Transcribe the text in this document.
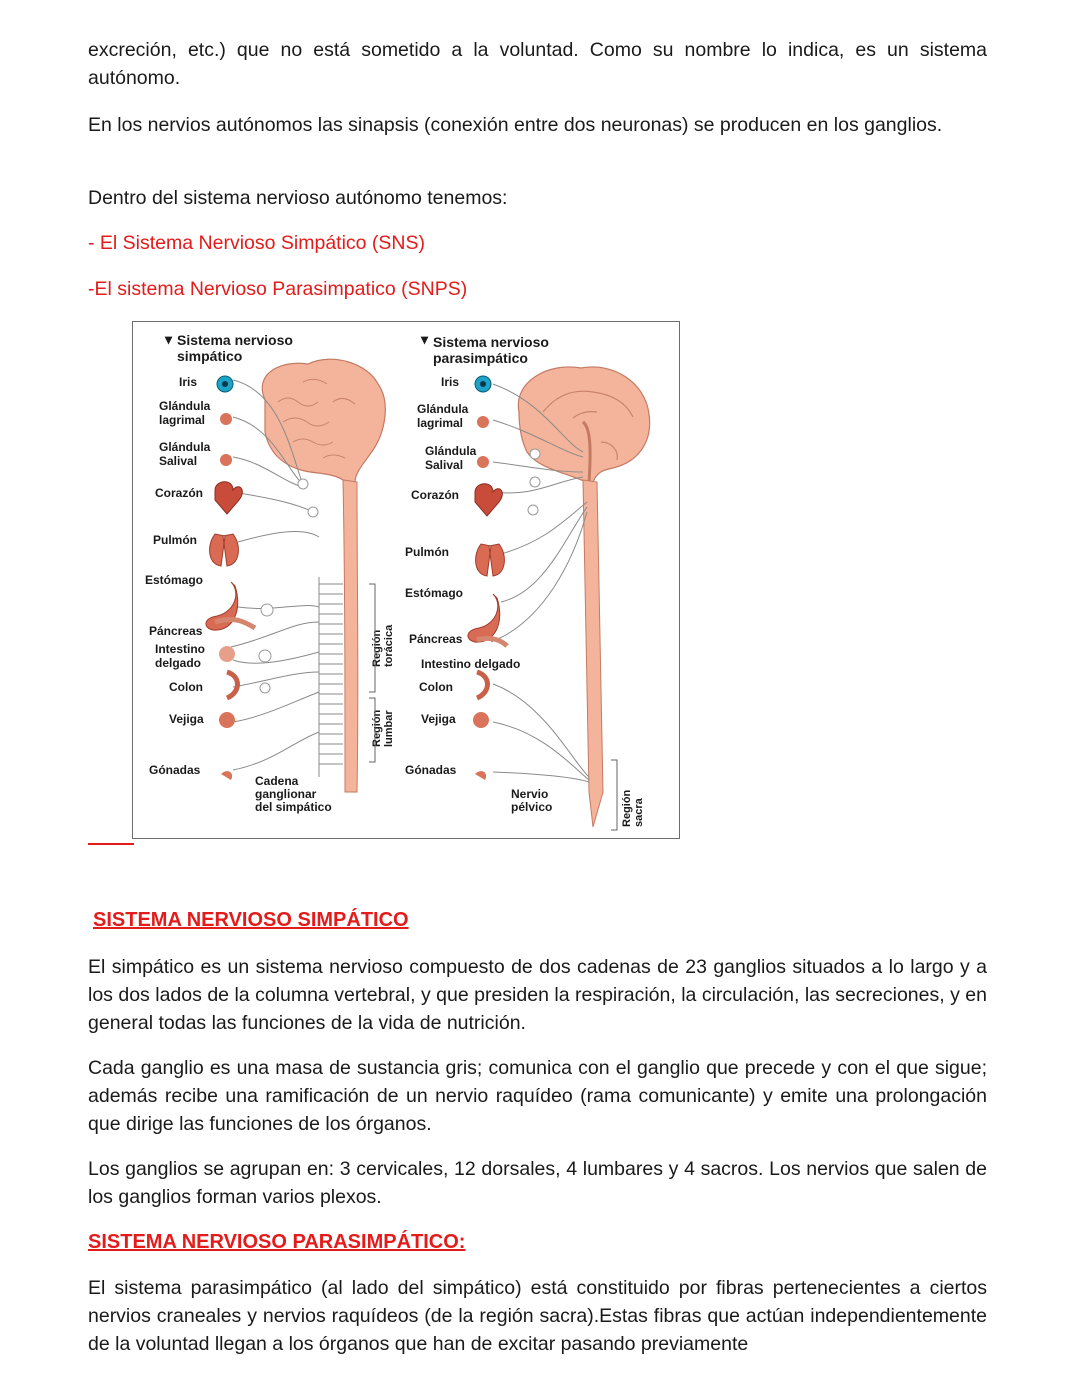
excreción, etc.) que no está sometido a la voluntad. Como su nombre lo indica, es un sistema autónomo.
En los nervios autónomos las sinapsis (conexión entre dos neuronas) se producen en los ganglios.
Dentro del sistema nervioso autónomo tenemos:
- El Sistema Nervioso Simpático (SNS)
-El sistema Nervioso Parasimpatico (SNPS)
▾ Sistema nervioso
simpático
Iris
Glándula
lagrimal
Glándula
Salival
Corazón
Pulmón
Estómago
Páncreas
Intestino
delgado
Colon
Vejiga
Gónadas
Cadena
ganglionar
del simpático
Región torácica
Región lumbar
▾ Sistema nervioso
parasimpático
Iris
Glándula
lagrimal
Glándula
Salival
Corazón
Pulmón
Estómago
Páncreas
Intestino delgado
Colon
Vejiga
Gónadas
Nervio
pélvico	Región sacra
SISTEMA NERVIOSO SIMPÁTICO
El simpático es un sistema nervioso compuesto de dos cadenas de 23 ganglios situados a lo largo y a los dos lados de la columna vertebral, y que presiden la respiración, la circulación, las secreciones, y en general todas las funciones de la vida de nutrición.
Cada ganglio es una masa de sustancia gris; comunica con el ganglio que precede y con el que sigue; además recibe una ramificación de un nervio raquídeo (rama comunicante) y emite una prolongación que dirige las funciones de los órganos.
Los ganglios se agrupan en: 3 cervicales, 12 dorsales, 4 lumbares y 4 sacros. Los nervios que salen de los ganglios forman varios plexos.
SISTEMA NERVIOSO PARASIMPÁTICO:
El sistema parasimpático (al lado del simpático) está constituido por fibras pertenecientes a ciertos nervios craneales y nervios raquídeos (de la región sacra).Estas fibras que actúan independientemente de la voluntad llegan a los órganos que han de excitar pasando previamente
